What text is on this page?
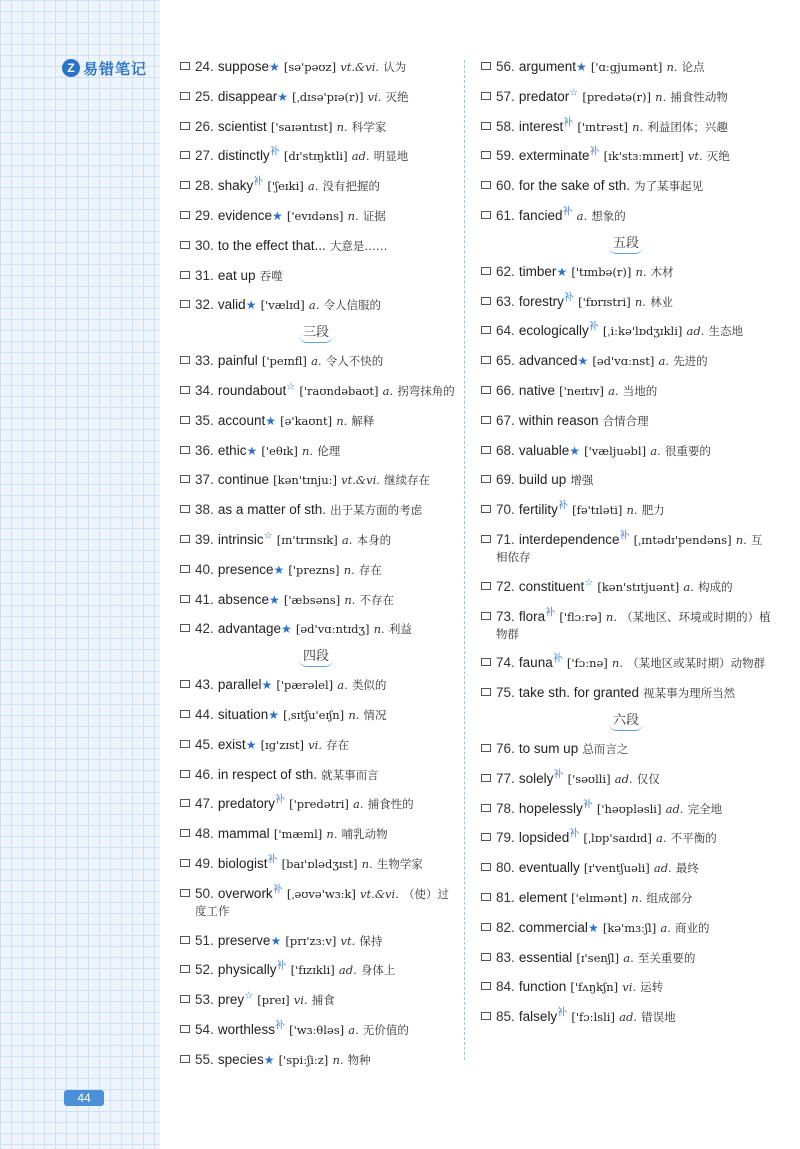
Z 易错笔记	24. suppose★ [sə'pəʊz] vt.&vi. 认为
25. disappear★ [ˌdɪsə'pɪə(r)] vi. 灭绝
26. scientist ['saɪəntɪst] n. 科学家
27. distinctly$^补$ [dɪ'stɪŋktli] ad. 明显地
28. shaky$^补$ ['ʃeɪki] a. 没有把握的
29. evidence★ ['evɪdəns] n. 证据
30. to the effect that... 大意是……
31. eat up 吞噬
32. valid★ ['vælɪd] a. 令人信服的
三段
33. painful ['peɪnfl] a. 令人不快的
34. roundabout☆ ['raʊndəbaʊt] a. 拐弯抹角的
35. account★ [ə'kaʊnt] n. 解释
36. ethic★ ['eθɪk] n. 伦理
37. continue [kən'tɪnjuː] vt.&vi. 继续存在
38. as a matter of sth. 出于某方面的考虑
39. intrinsic☆ [ɪn'trɪnsɪk] a. 本身的
40. presence★ ['prezns] n. 存在
41. absence★ ['æbsəns] n. 不存在
42. advantage★ [əd'vɑːntɪdʒ] n. 利益
四段
43. parallel★ ['pærəlel] a. 类似的
44. situation★ [ˌsɪtʃu'eɪʃn] n. 情况
45. exist★ [ɪg'zɪst] vi. 存在
46. in respect of sth. 就某事而言
47. predatory$^补$ ['predətri] a. 捕食性的
48. mammal ['mæml] n. 哺乳动物
49. biologist$^补$ [baɪ'ɒlədʒɪst] n. 生物学家
50. overwork$^补$ [ˌəʊvə'wɜːk] vt.&vi. （使）过度工作
51. preserve★ [prɪ'zɜːv] vt. 保持
52. physically$^补$ ['fɪzɪkli] ad. 身体上
53. prey☆ [preɪ] vi. 捕食
54. worthless$^补$ ['wɜːθləs] a. 无价值的
55. species★ ['spiːʃiːz] n. 物种
56. argument★ ['ɑːgjumənt] n. 论点
57. predator☆ [predətə(r)] n. 捕食性动物
58. interest$^补$ ['ɪntrəst] n. 利益团体；兴趣
59. exterminate$^补$ [ɪk'stɜːmɪneɪt] vt. 灭绝
60. for the sake of sth. 为了某事起见
61. fancied$^补$ a. 想象的
五段
62. timber★ ['tɪmbə(r)] n. 木材
63. forestry$^补$ ['fɒrɪstri] n. 林业
64. ecologically$^补$ [ˌiːkə'lɒdʒɪkli] ad. 生态地
65. advanced★ [əd'vɑːnst] a. 先进的
66. native ['neɪtɪv] a. 当地的
67. within reason 合情合理
68. valuable★ ['væljuəbl] a. 很重要的
69. build up 增强
70. fertility$^补$ [fə'tɪləti] n. 肥力
71. interdependence$^补$ [ˌɪntədɪ'pendəns] n. 互相依存
72. constituent☆ [kən'stɪtjuənt] a. 构成的
73. flora$^补$ ['flɔːrə] n. （某地区、环境或时期的）植物群
74. fauna$^补$ ['fɔːnə] n. （某地区或某时期）动物群
75. take sth. for granted 视某事为理所当然
六段
76. to sum up 总而言之
77. solely$^补$ ['səʊlli] ad. 仅仅
78. hopelessly$^补$ ['həʊpləsli] ad. 完全地
79. lopsided$^补$ [ˌlɒp'saɪdɪd] a. 不平衡的
80. eventually [ɪ'ventʃuəli] ad. 最终
81. element ['elɪmənt] n. 组成部分
82. commercial★ [kə'mɜːʃl] a. 商业的
83. essential [ɪ'senʃl] a. 至关重要的
84. function ['fʌŋkʃn] vi. 运转
85. falsely$^补$ ['fɔːlsli] ad. 错误地
44
